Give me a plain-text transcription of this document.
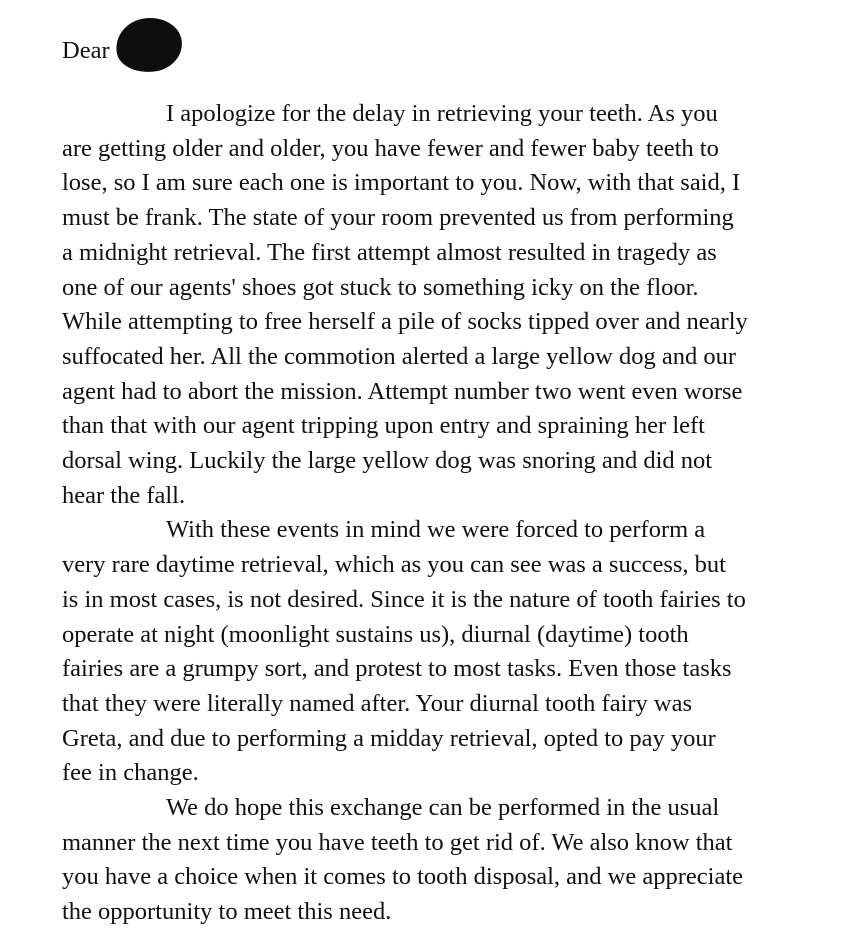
Dear
I apologize for the delay in retrieving your teeth. As you
are getting older and older, you have fewer and fewer baby teeth to
lose, so I am sure each one is important to you. Now, with that said, I
must be frank. The state of your room prevented us from performing
a midnight retrieval. The first attempt almost resulted in tragedy as
one of our agents' shoes got stuck to something icky on the floor.
While attempting to free herself a pile of socks tipped over and nearly
suffocated her. All the commotion alerted a large yellow dog and our
agent had to abort the mission. Attempt number two went even worse
than that with our agent tripping upon entry and spraining her left
dorsal wing. Luckily the large yellow dog was snoring and did not
hear the fall.
With these events in mind we were forced to perform a
very rare daytime retrieval, which as you can see was a success, but
is in most cases, is not desired. Since it is the nature of tooth fairies to
operate at night (moonlight sustains us), diurnal (daytime) tooth
fairies are a grumpy sort, and protest to most tasks. Even those tasks
that they were literally named after. Your diurnal tooth fairy was
Greta, and due to performing a midday retrieval, opted to pay your
fee in change.
We do hope this exchange can be performed in the usual
manner the next time you have teeth to get rid of. We also know that
you have a choice when it comes to tooth disposal, and we appreciate
the opportunity to meet this need.
